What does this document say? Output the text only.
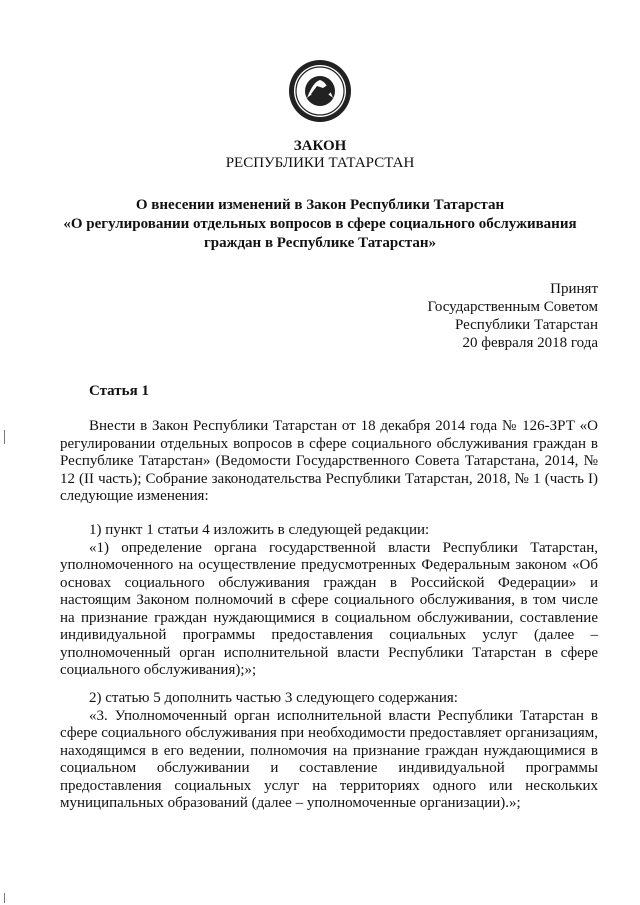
ЗАКОН
РЕСПУБЛИКИ ТАТАРСТАН
О внесении изменений в Закон Республики Татарстан
«О регулировании отдельных вопросов в сфере социального обслуживания
граждан в Республике Татарстан»
Принят
Государственным Советом
Республики Татарстан
20 февраля 2018 года
Статья 1

Внести в Закон Республики Татарстан от 18 декабря 2014 года № 126-ЗРТ «О регулировании отдельных вопросов в сфере социального обслуживания граждан в Республике Татарстан» (Ведомости Государственного Совета Татарстана, 2014, № 12 (II часть); Собрание законодательства Республики Татарстан, 2018, № 1 (часть I) следующие изменения:

1) пункт 1 статьи 4 изложить в следующей редакции:

«1) определение органа государственной власти Республики Татарстан, уполномоченного на осуществление предусмотренных Федеральным законом «Об основах социального обслуживания граждан в Российской Федерации» и настоящим Законом полномочий в сфере социального обслуживания, в том числе на признание граждан нуждающимися в социальном обслуживании, составление индивидуальной программы предоставления социальных услуг (далее – уполномоченный орган исполнительной власти Республики Татарстан в сфере социального обслуживания);»;

2) статью 5 дополнить частью 3 следующего содержания:

«3. Уполномоченный орган исполнительной власти Республики Татарстан в сфере социального обслуживания при необходимости предоставляет организациям, находящимся в его ведении, полномочия на признание граждан нуждающимися в социальном обслуживании и составление индивидуальной программы предоставления социальных услуг на территориях одного или нескольких муниципальных образований (далее – уполномоченные организации).»;
